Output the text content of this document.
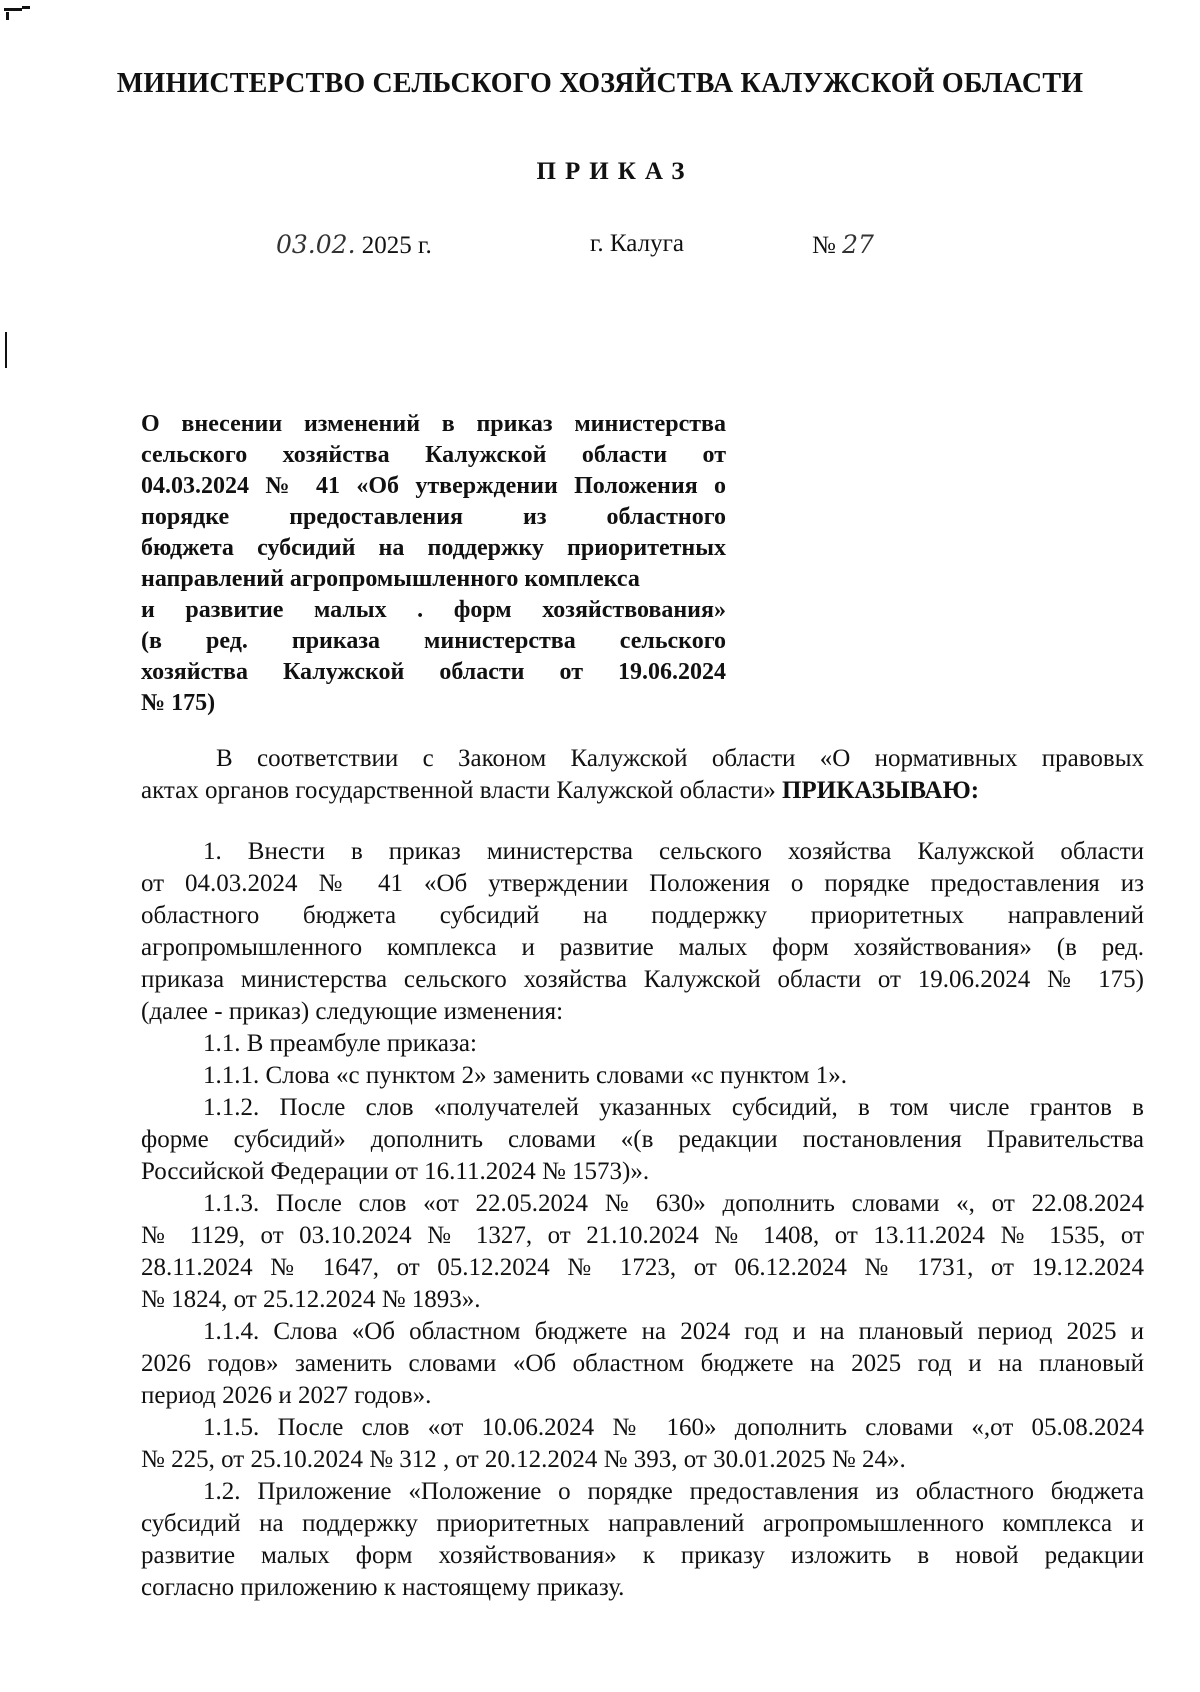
МИНИСТЕРСТВО СЕЛЬСКОГО ХОЗЯЙСТВА КАЛУЖСКОЙ ОБЛАСТИ
ПРИКАЗ
03.02. 2025 г.	г. Калуга	№ 27
О внесении изменений в приказ министерства
сельского хозяйства Калужской области от
04.03.2024 № 41 «Об утверждении Положения о
порядке предоставления из областного
бюджета субсидий на поддержку приоритетных
направлений агропромышленного комплекса
и развитие малых . форм хозяйствования»
(в ред. приказа министерства сельского
хозяйства Калужской области от 19.06.2024
№ 175)
В соответствии с Законом Калужской области «О нормативных правовых
актах органов государственной власти Калужской области» ПРИКАЗЫВАЮ:
1. Внести в приказ министерства сельского хозяйства Калужской области
от 04.03.2024 № 41 «Об утверждении Положения о порядке предоставления из
областного бюджета субсидий на поддержку приоритетных направлений
агропромышленного комплекса и развитие малых форм хозяйствования» (в ред.
приказа министерства сельского хозяйства Калужской области от 19.06.2024 № 175)
(далее - приказ) следующие изменения:
1.1. В преамбуле приказа:
1.1.1. Слова «с пунктом 2» заменить словами «с пунктом 1».
1.1.2. После слов «получателей указанных субсидий, в том числе грантов в
форме субсидий» дополнить словами «(в редакции постановления Правительства
Российской Федерации от 16.11.2024 № 1573)».
1.1.3. После слов «от 22.05.2024 № 630» дополнить словами «, от 22.08.2024
№ 1129, от 03.10.2024 № 1327, от 21.10.2024 № 1408, от 13.11.2024 № 1535, от
28.11.2024 № 1647, от 05.12.2024 № 1723, от 06.12.2024 № 1731, от 19.12.2024
№ 1824, от 25.12.2024 № 1893».
1.1.4. Слова «Об областном бюджете на 2024 год и на плановый период 2025 и
2026 годов» заменить словами «Об областном бюджете на 2025 год и на плановый
период 2026 и 2027 годов».
1.1.5. После слов «от 10.06.2024 № 160» дополнить словами «,от 05.08.2024
№ 225, от 25.10.2024 № 312 , от 20.12.2024 № 393, от 30.01.2025 № 24».
1.2. Приложение «Положение о порядке предоставления из областного бюджета
субсидий на поддержку приоритетных направлений агропромышленного комплекса и
развитие малых форм хозяйствования» к приказу изложить в новой редакции
согласно приложению к настоящему приказу.
